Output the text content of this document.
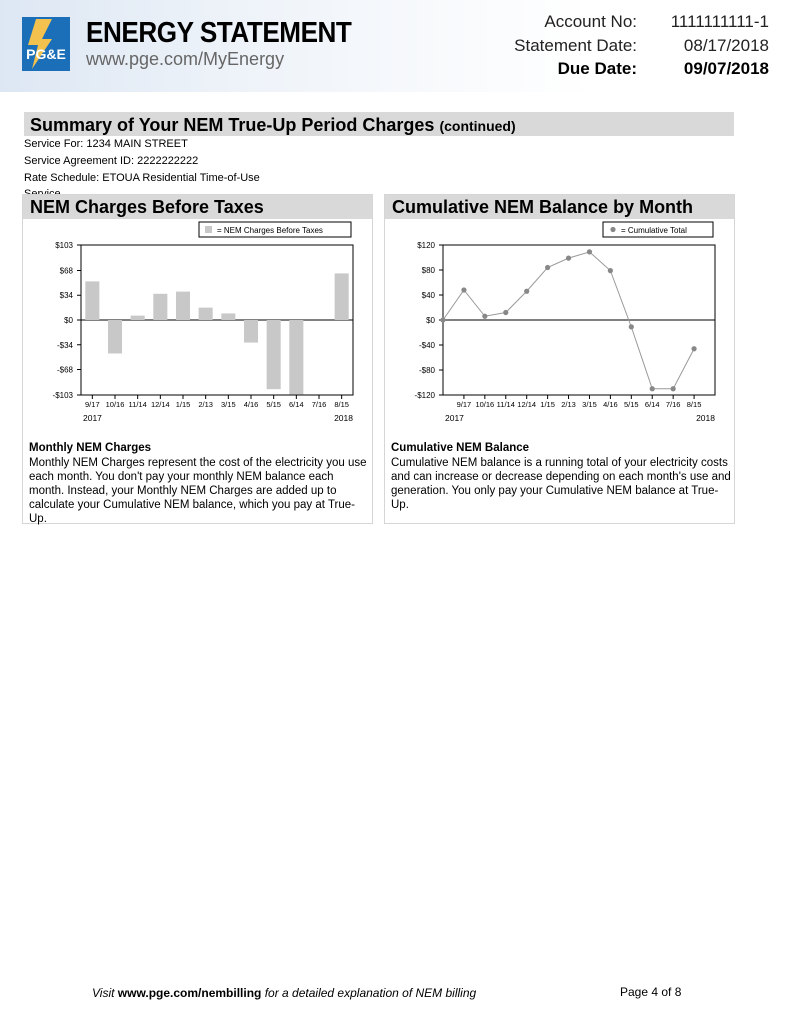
PG&E
ENERGY STATEMENT
www.pge.com/MyEnergy
Account No: 1111111111-1
Statement Date:	08/17/2018
Due Date:	09/07/2018
Summary of Your NEM True-Up Period Charges (continued)
Service For: 1234 MAIN STREET
Service Agreement ID: 2222222222
Rate Schedule: ETOUA Residential Time-of-Use
NEM Charges Before Taxes
$103
$68
$34
$0
-$34
-$68
-$103
9/17 10/16 11/14 12/14 1/15 2/13 3/15 4/16 5/15 6/14 7/16 8/15
2017	2018
= NEM Charges Before Taxes
Monthly NEM Charges
Monthly NEM Charges represent the cost of the electricity you use each month. You don't pay your monthly NEM balance each month. Instead, your Monthly NEM Charges are added up to calculate your Cumulative NEM balance, which you pay at True-Up.
Cumulative NEM Balance by Month
$120
$80
$40
$0
-$40
-$80
-$120
9/17 10/16 11/14 12/14 1/15 2/13 3/15 4/16 5/15 6/14 7/16 8/15
2017	2018
= Cumulative Total
Cumulative NEM Balance
Cumulative NEM balance is a running total of your electricity costs and can increase or decrease depending on each month's use and generation. You only pay your Cumulative NEM balance at True-Up.
Visit www.pge.com/nembilling for a detailed explanation of NEM billing	Page 4 of 8
